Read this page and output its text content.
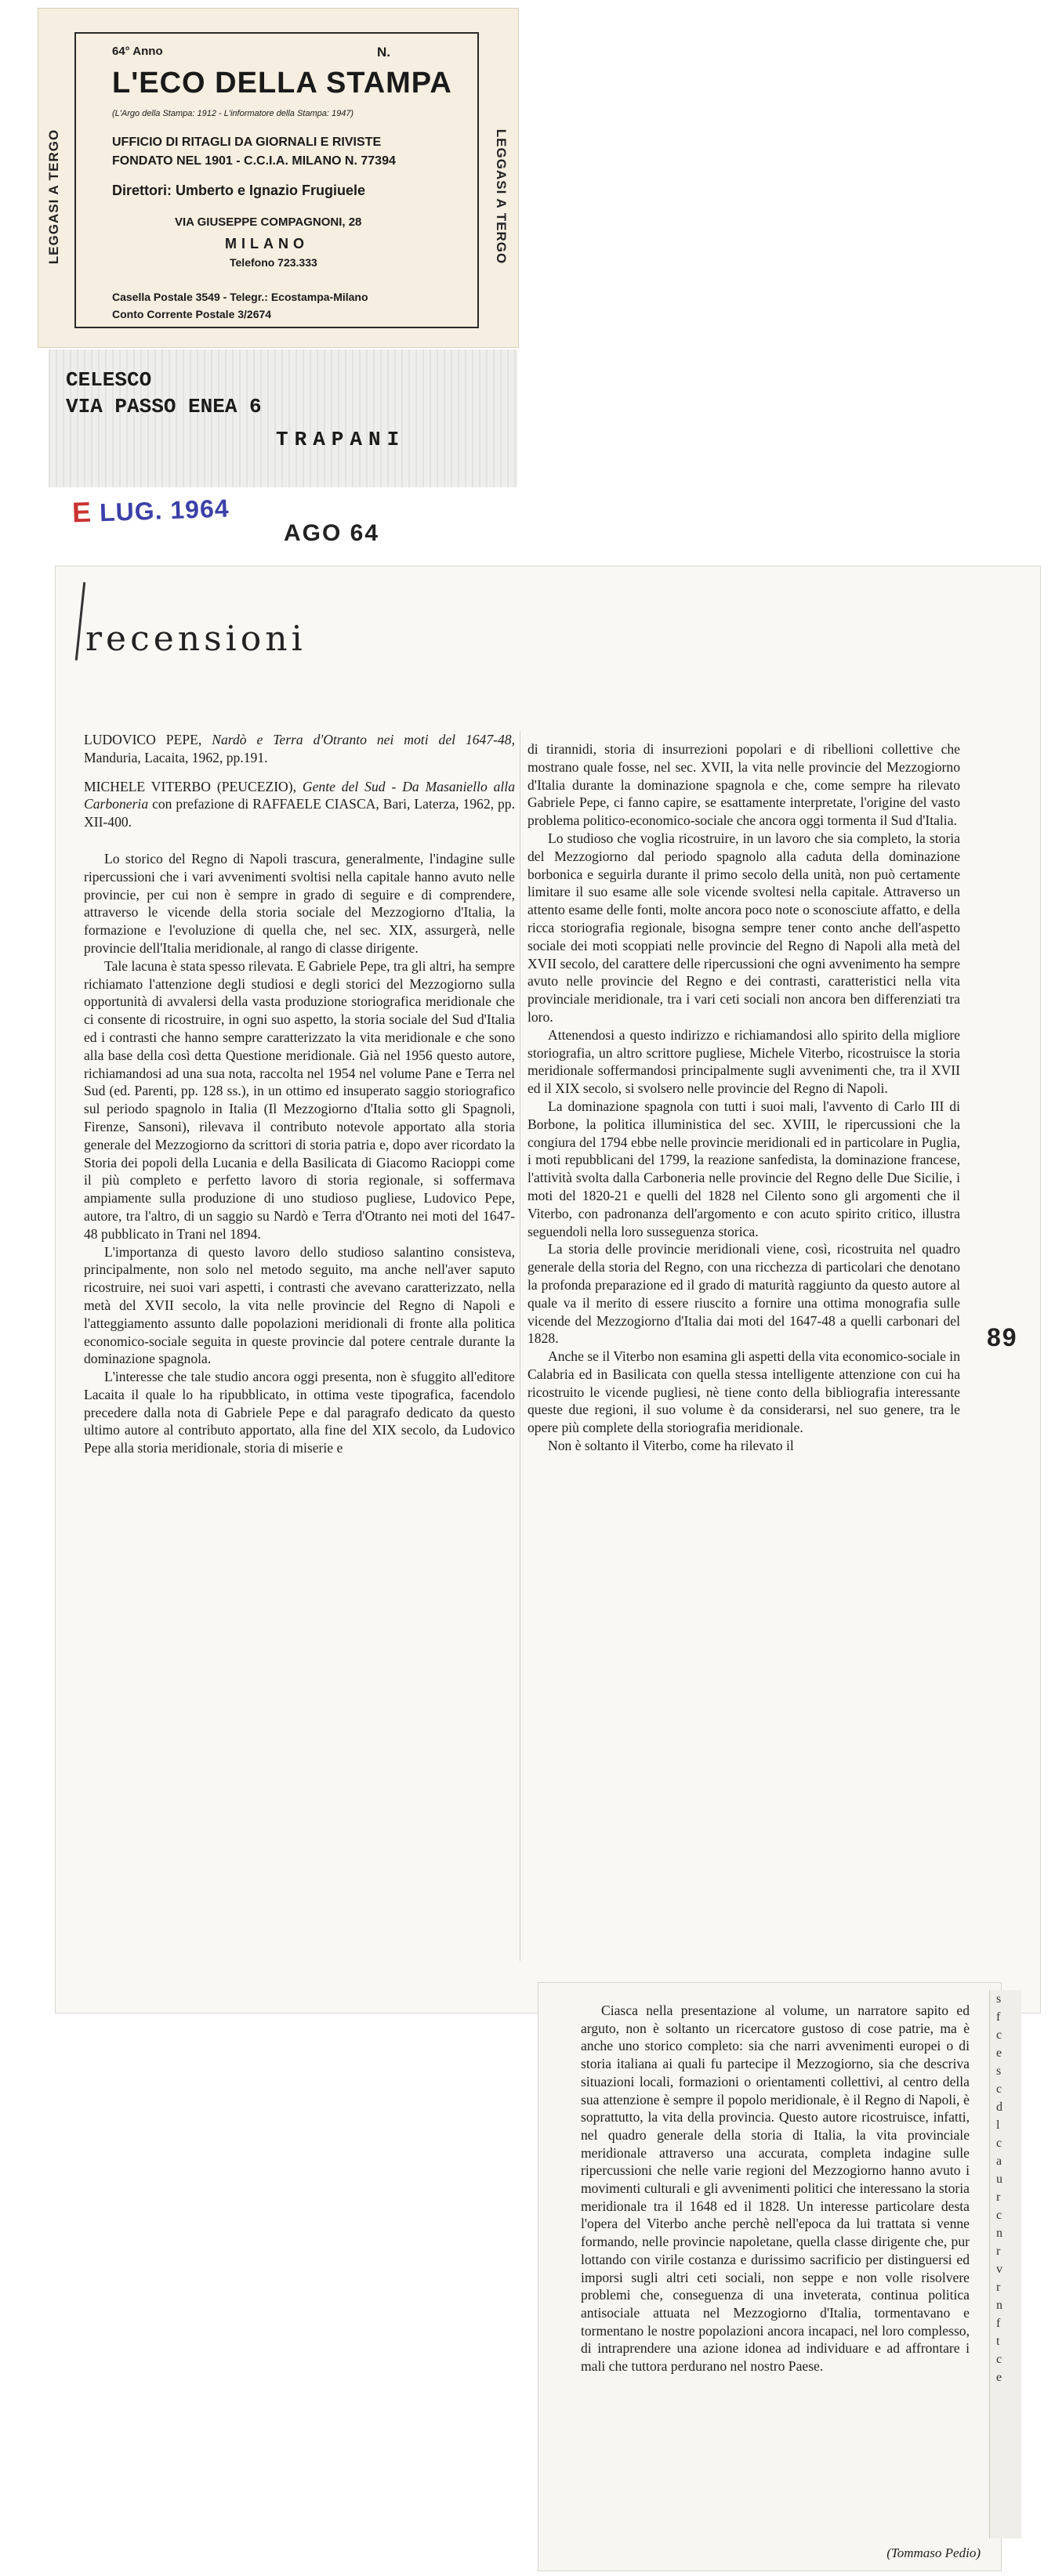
LEGGASI A TERGO	LEGGASI A TERGO
64° Anno	N.
L'ECO DELLA STAMPA
(L'Argo della Stampa: 1912 - L'informatore della Stampa: 1947)
UFFICIO DI RITAGLI DA GIORNALI E RIVISTE
FONDATO NEL 1901 - C.C.I.A. MILANO N. 77394
Direttori: Umberto e Ignazio Frugiuele
VIA GIUSEPPE COMPAGNONI, 28
MILANO
Telefono 723.333
Casella Postale 3549 - Telegr.: Ecostampa-Milano
Conto Corrente Postale 3/2674
CELESCO
VIA PASSO ENEA 6
TRAPANI
E LUG. 1964
AGO 64
recensioni

LUDOVICO PEPE, Nardò e Terra d'Otranto nei moti del 1647-48, Manduria, Lacaita, 1962, pp.191.

MICHELE VITERBO (PEUCEZIO), Gente del Sud - Da Masaniello alla Carboneria con prefazione di RAFFAELE CIASCA, Bari, Laterza, 1962, pp. XII-400.

Lo storico del Regno di Napoli trascura, generalmente, l'indagine sulle ripercussioni che i vari avvenimenti svoltisi nella capitale hanno avuto nelle provincie, per cui non è sempre in grado di seguire e di comprendere, attraverso le vicende della storia sociale del Mezzogiorno d'Italia, la formazione e l'evoluzione di quella che, nel sec. XIX, assurgerà, nelle provincie dell'Italia meridionale, al rango di classe dirigente.

Tale lacuna è stata spesso rilevata. E Gabriele Pepe, tra gli altri, ha sempre richiamato l'attenzione degli studiosi e degli storici del Mezzogiorno sulla opportunità di avvalersi della vasta produzione storiografica meridionale che ci consente di ricostruire, in ogni suo aspetto, la storia sociale del Sud d'Italia ed i contrasti che hanno sempre caratterizzato la vita meridionale e che sono alla base della così detta Questione meridionale. Già nel 1956 questo autore, richiamandosi ad una sua nota, raccolta nel 1954 nel volume Pane e Terra nel Sud (ed. Parenti, pp. 128 ss.), in un ottimo ed insuperato saggio storiografico sul periodo spagnolo in Italia (Il Mezzogiorno d'Italia sotto gli Spagnoli, Firenze, Sansoni), rilevava il contributo notevole apportato alla storia generale del Mezzogiorno da scrittori di storia patria e, dopo aver ricordato la Storia dei popoli della Lucania e della Basilicata di Giacomo Racioppi come il più completo e perfetto lavoro di storia regionale, si soffermava ampiamente sulla produzione di uno studioso pugliese, Ludovico Pepe, autore, tra l'altro, di un saggio su Nardò e Terra d'Otranto nei moti del 1647-48 pubblicato in Trani nel 1894.

L'importanza di questo lavoro dello studioso salantino consisteva, principalmente, non solo nel metodo seguito, ma anche nell'aver saputo ricostruire, nei suoi vari aspetti, i contrasti che avevano caratterizzato, nella metà del XVII secolo, la vita nelle provincie del Regno di Napoli e l'atteggiamento assunto dalle popolazioni meridionali di fronte alla politica economico-sociale seguita in queste provincie dal potere centrale durante la dominazione spagnola.

L'interesse che tale studio ancora oggi presenta, non è sfuggito all'editore Lacaita il quale lo ha ripubblicato, in ottima veste tipografica, facendolo precedere dalla nota di Gabriele Pepe e dal paragrafo dedicato da questo ultimo autore al contributo apportato, alla fine del XIX secolo, da Ludovico Pepe alla storia meridionale, storia di miserie e

di tirannidi, storia di insurrezioni popolari e di ribellioni collettive che mostrano quale fosse, nel sec. XVII, la vita nelle provincie del Mezzogiorno d'Italia durante la dominazione spagnola e che, come sempre ha rilevato Gabriele Pepe, ci fanno capire, se esattamente interpretate, l'origine del vasto problema politico-economico-sociale che ancora oggi tormenta il Sud d'Italia.

Lo studioso che voglia ricostruire, in un lavoro che sia completo, la storia del Mezzogiorno dal periodo spagnolo alla caduta della dominazione borbonica e seguirla durante il primo secolo della unità, non può certamente limitare il suo esame alle sole vicende svoltesi nella capitale. Attraverso un attento esame delle fonti, molte ancora poco note o sconosciute affatto, e della ricca storiografia regionale, bisogna sempre tener conto anche dell'aspetto sociale dei moti scoppiati nelle provincie del Regno di Napoli alla metà del XVII secolo, del carattere delle ripercussioni che ogni avvenimento ha sempre avuto nelle provincie del Regno e dei contrasti, caratteristici nella vita provinciale meridionale, tra i vari ceti sociali non ancora ben differenziati tra loro.

Attenendosi a questo indirizzo e richiamandosi allo spirito della migliore storiografia, un altro scrittore pugliese, Michele Viterbo, ricostruisce la storia meridionale soffermandosi principalmente sugli avvenimenti che, tra il XVII ed il XIX secolo, si svolsero nelle provincie del Regno di Napoli.

La dominazione spagnola con tutti i suoi mali, l'avvento di Carlo III di Borbone, la politica illuministica del sec. XVIII, le ripercussioni che la congiura del 1794 ebbe nelle provincie meridionali ed in particolare in Puglia, i moti repubblicani del 1799, la reazione sanfedista, la dominazione francese, l'attività svolta dalla Carboneria nelle provincie del Regno delle Due Sicilie, i moti del 1820-21 e quelli del 1828 nel Cilento sono gli argomenti che il Viterbo, con padronanza dell'argomento e con acuto spirito critico, illustra seguendoli nella loro susseguenza storica.

La storia delle provincie meridionali viene, così, ricostruita nel quadro generale della storia del Regno, con una ricchezza di particolari che denotano la profonda preparazione ed il grado di maturità raggiunto da questo autore al quale va il merito di essere riuscito a fornire una ottima monografia sulle vicende del Mezzogiorno d'Italia dai moti del 1647-48 a quelli carbonari del 1828.

Anche se il Viterbo non esamina gli aspetti della vita economico-sociale in Calabria ed in Basilicata con quella stessa intelligente attenzione con cui ha ricostruito le vicende pugliesi, nè tiene conto della bibliografia interessante queste due regioni, il suo volume è da considerarsi, nel suo genere, tra le opere più complete della storiografia meridionale.

Non è soltanto il Viterbo, come ha rilevato il

89

Ciasca nella presentazione al volume, un narratore sapito ed arguto, non è soltanto un ricercatore gustoso di cose patrie, ma è anche uno storico completo: sia che narri avvenimenti europei o di storia italiana ai quali fu partecipe il Mezzogiorno, sia che descriva situazioni locali, formazioni o orientamenti collettivi, al centro della sua attenzione è sempre il popolo meridionale, è il Regno di Napoli, è soprattutto, la vita della provincia. Questo autore ricostruisce, infatti, nel quadro generale della storia di Italia, la vita provinciale meridionale attraverso una accurata, completa indagine sulle ripercussioni che nelle varie regioni del Mezzogiorno hanno avuto i movimenti culturali e gli avvenimenti politici che interessano la storia meridionale tra il 1648 ed il 1828. Un interesse particolare desta l'opera del Viterbo anche perchè nell'epoca da lui trattata si venne formando, nelle provincie napoletane, quella classe dirigente che, pur lottando con virile costanza e durissimo sacrificio per distinguersi ed imporsi sugli altri ceti sociali, non seppe e non volle risolvere problemi che, conseguenza di una inveterata, continua politica antisociale attuata nel Mezzogiorno d'Italia, tormentavano e tormentano le nostre popolazioni ancora incapaci, nel loro complesso, di intraprendere una azione idonea ad individuare e ad affrontare i mali che tuttora perdurano nel nostro Paese.

(Tommaso Pedio)
s
f
c
e
s
c
d
l
c
a
u
r
c
n
r
v
r
n
f
t
c
e
